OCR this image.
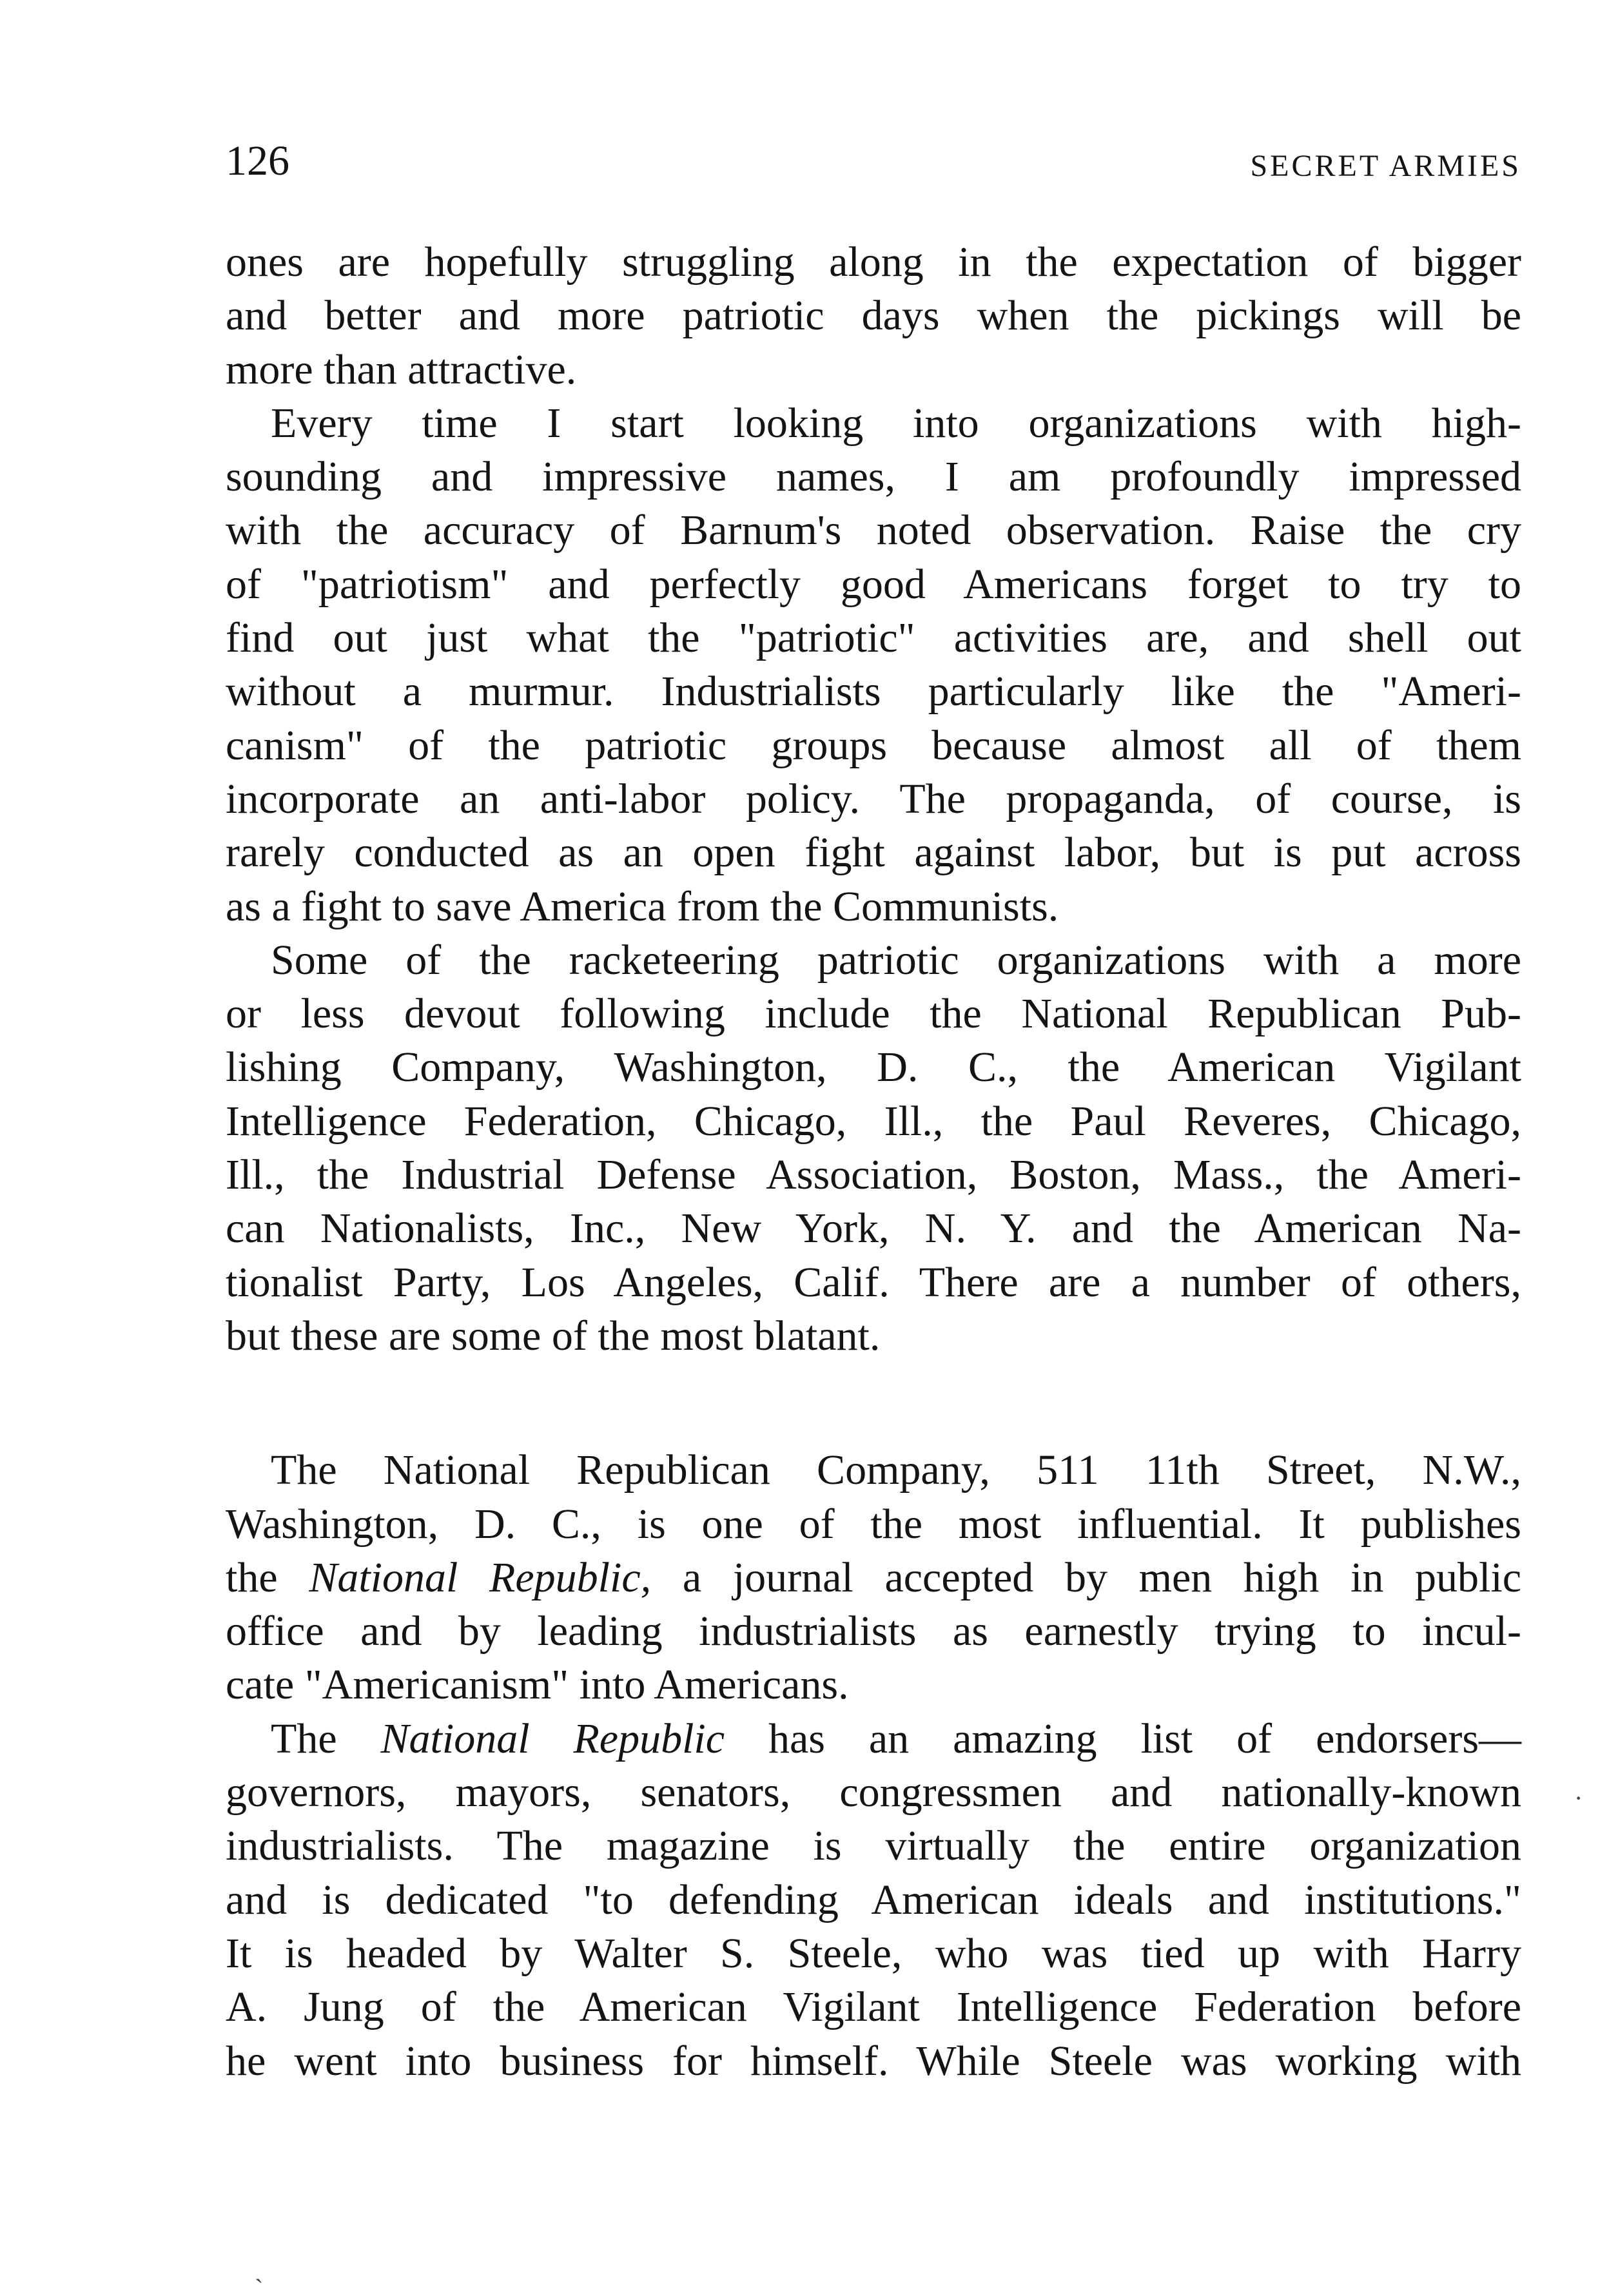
126	SECRET ARMIES

ones are hopefully struggling along in the expectation of bigger
and better and more patriotic days when the pickings will be
more than attractive.

Every time I start looking into organizations with high-
sounding and impressive names, I am profoundly impressed
with the accuracy of Barnum's noted observation. Raise the cry
of "patriotism" and perfectly good Americans forget to try to
find out just what the "patriotic" activities are, and shell out
without a murmur. Industrialists particularly like the "Ameri-
canism" of the patriotic groups because almost all of them
incorporate an anti-labor policy. The propaganda, of course, is
rarely conducted as an open fight against labor, but is put across
as a fight to save America from the Communists.

Some of the racketeering patriotic organizations with a more
or less devout following include the National Republican Pub-
lishing Company, Washington, D. C., the American Vigilant
Intelligence Federation, Chicago, Ill., the Paul Reveres, Chicago,
Ill., the Industrial Defense Association, Boston, Mass., the Ameri-
can Nationalists, Inc., New York, N. Y. and the American Na-
tionalist Party, Los Angeles, Calif. There are a number of others,
but these are some of the most blatant.

The National Republican Company, 511 11th Street, N.W.,
Washington, D. C., is one of the most influential. It publishes
the National Republic, a journal accepted by men high in public
office and by leading industrialists as earnestly trying to incul-
cate "Americanism" into Americans.

The National Republic has an amazing list of endorsers—
governors, mayors, senators, congressmen and nationally-known
industrialists. The magazine is virtually the entire organization
and is dedicated "to defending American ideals and institutions."
It is headed by Walter S. Steele, who was tied up with Harry
A. Jung of the American Vigilant Intelligence Federation before
he went into business for himself. While Steele was working with

·
ˎ
